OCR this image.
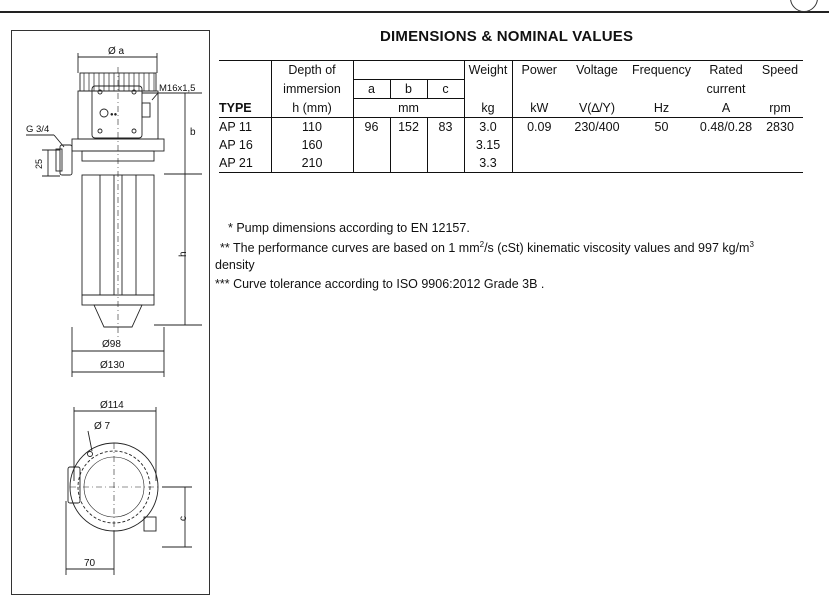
●●
Ø a
M16x1,5
G 3/4	b
25
h
Ø98
Ø130
Ø114
Ø 7
c
70
DIMENSIONS & NOMINAL VALUES
	Depth of				Weight	Power	Voltage	Frequency	Rated	Speed
	immersion	a	b	c					current	
TYPE	h (mm)	mm			kg	kW	V(∆/Y)	Hz	A	rpm
AP 11	110	96	152	83	3.0	0.09	230/400	50	0.48/0.28	2830
AP 16	160				3.15					
AP 21	210				3.3					
* Pump dimensions according to EN 12157.
** The performance curves are based on 1 $mm^2/s$ (cSt) kinematic viscosity values and 997 $kg/m^3$
density
*** Curve tolerance according to ISO 9906:2012 Grade 3B .
